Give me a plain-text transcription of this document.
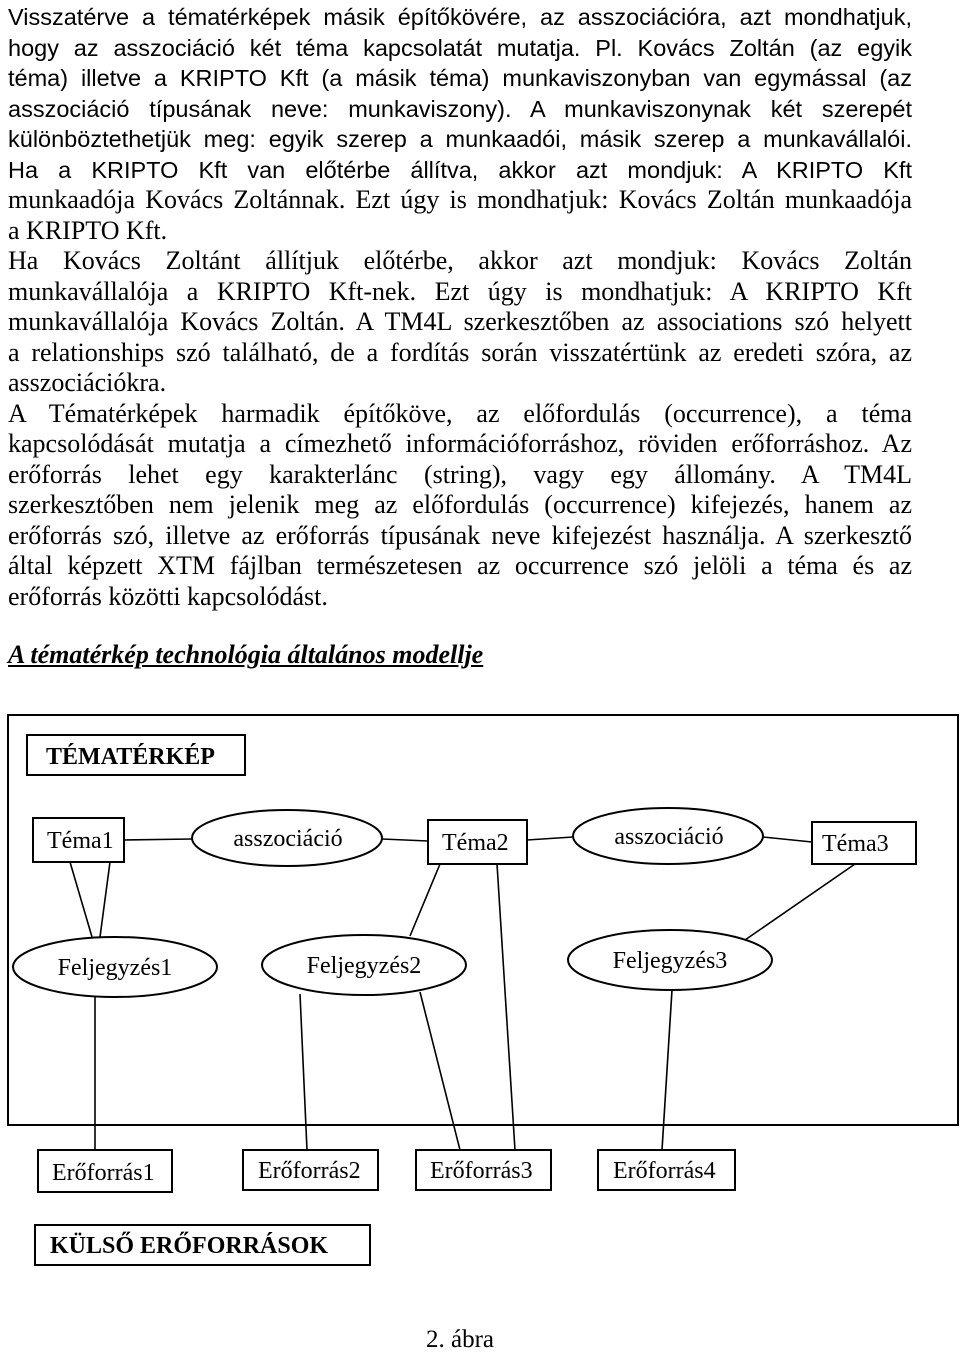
Visszatérve a tématérképek másik építőkövére, az asszociációra, azt mondhatjuk,
hogy az asszociáció két téma kapcsolatát mutatja. Pl. Kovács Zoltán (az egyik
téma) illetve a KRIPTO Kft (a másik téma) munkaviszonyban van egymással (az
asszociáció típusának neve: munkaviszony). A munkaviszonynak két szerepét
különböztethetjük meg: egyik szerep a munkaadói, másik szerep a munkavállalói.
Ha a KRIPTO Kft van előtérbe állítva, akkor azt mondjuk: A KRIPTO Kft
munkaadója Kovács Zoltánnak. Ezt úgy is mondhatjuk: Kovács Zoltán munkaadója
a KRIPTO Kft.
Ha Kovács Zoltánt állítjuk előtérbe, akkor azt mondjuk: Kovács Zoltán
munkavállalója a KRIPTO Kft-nek. Ezt úgy is mondhatjuk: A KRIPTO Kft
munkavállalója Kovács Zoltán. A TM4L szerkesztőben az associations szó helyett
a relationships szó található, de a fordítás során visszatértünk az eredeti szóra, az
asszociációkra.
A Tématérképek harmadik építőköve, az előfordulás (occurrence), a téma
kapcsolódását mutatja a címezhető információforráshoz, röviden erőforráshoz. Az
erőforrás lehet egy karakterlánc (string), vagy egy állomány. A TM4L
szerkesztőben nem jelenik meg az előfordulás (occurrence) kifejezés, hanem az
erőforrás szó, illetve az erőforrás típusának neve kifejezést használja. A szerkesztő
által képzett XTM fájlban természetesen az occurrence szó jelöli a téma és az
erőforrás közötti kapcsolódást.
A tématérkép technológia általános modellje
TÉMATÉRKÉP
Téma1	Téma2	Téma3
asszociáció	asszociáció
Feljegyzés1	Feljegyzés2	Feljegyzés3
Erőforrás1	Erőforrás2	Erőforrás3	Erőforrás4
KÜLSŐ ERŐFORRÁSOK
2. ábra
